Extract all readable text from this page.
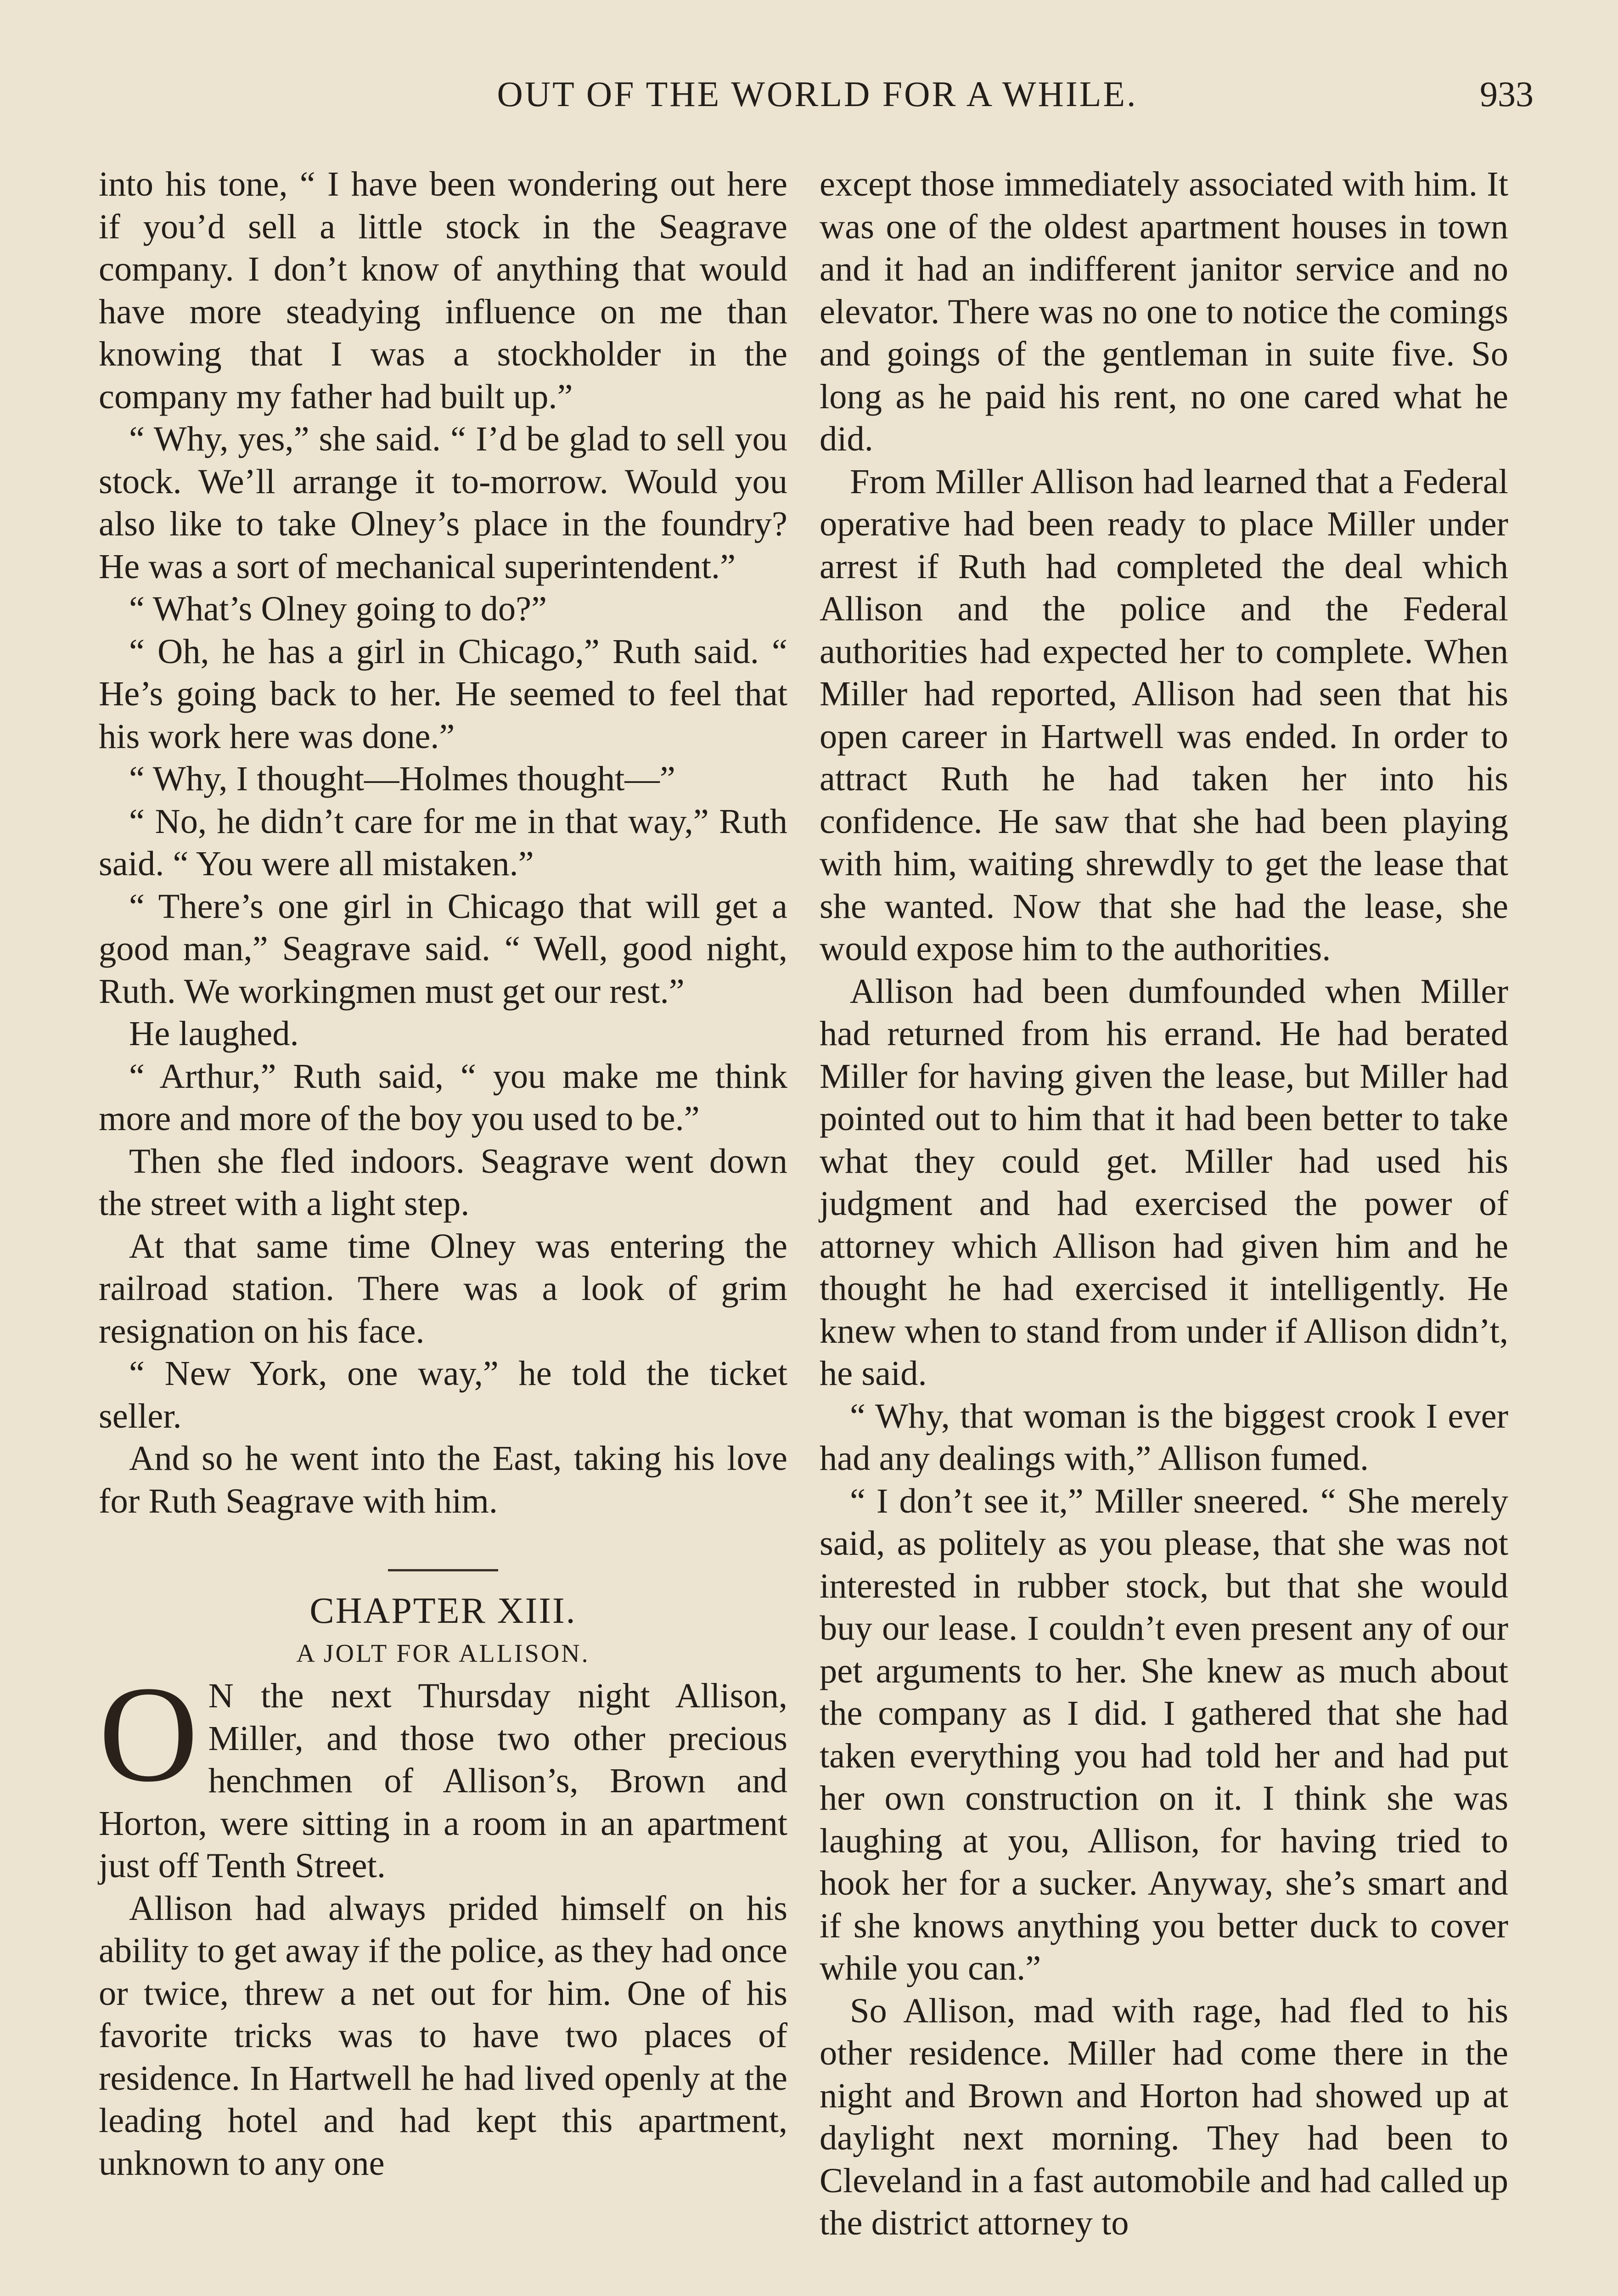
OUT OF THE WORLD FOR A WHILE.	933

into his tone, “ I have been wondering out here if you’d sell a little stock in the Seagrave company. I don’t know of anything that would have more steadying influence on me than knowing that I was a stockholder in the company my father had built up.”

“ Why, yes,” she said. “ I’d be glad to sell you stock. We’ll arrange it to-morrow. Would you also like to take Olney’s place in the foundry? He was a sort of mechanical superintendent.”

“ What’s Olney going to do?”

“ Oh, he has a girl in Chicago,” Ruth said. “ He’s going back to her. He seemed to feel that his work here was done.”

“ Why, I thought—Holmes thought—”

“ No, he didn’t care for me in that way,” Ruth said. “ You were all mistaken.”

“ There’s one girl in Chicago that will get a good man,” Seagrave said. “ Well, good night, Ruth. We workingmen must get our rest.”

He laughed.

“ Arthur,” Ruth said, “ you make me think more and more of the boy you used to be.”

Then she fled indoors. Seagrave went down the street with a light step.

At that same time Olney was entering the railroad station. There was a look of grim resignation on his face.

“ New York, one way,” he told the ticket seller.

And so he went into the East, taking his love for Ruth Seagrave with him.

CHAPTER XIII.

A JOLT FOR ALLISON.

O N the next Thursday night Allison, Miller, and those two other precious henchmen of Allison’s, Brown and Horton, were sitting in a room in an apartment just off Tenth Street.

Allison had always prided himself on his ability to get away if the police, as they had once or twice, threw a net out for him. One of his favorite tricks was to have two places of residence. In Hartwell he had lived openly at the leading hotel and had kept this apartment, unknown to any one

except those immediately associated with him. It was one of the oldest apartment houses in town and it had an indifferent janitor service and no elevator. There was no one to notice the comings and goings of the gentleman in suite five. So long as he paid his rent, no one cared what he did.

From Miller Allison had learned that a Federal operative had been ready to place Miller under arrest if Ruth had completed the deal which Allison and the police and the Federal authorities had expected her to complete. When Miller had reported, Allison had seen that his open career in Hartwell was ended. In order to attract Ruth he had taken her into his confidence. He saw that she had been playing with him, waiting shrewdly to get the lease that she wanted. Now that she had the lease, she would expose him to the authorities.

Allison had been dumfounded when Miller had returned from his errand. He had berated Miller for having given the lease, but Miller had pointed out to him that it had been better to take what they could get. Miller had used his judgment and had exercised the power of attorney which Allison had given him and he thought he had exercised it intelligently. He knew when to stand from under if Allison didn’t, he said.

“ Why, that woman is the biggest crook I ever had any dealings with,” Allison fumed.

“ I don’t see it,” Miller sneered. “ She merely said, as politely as you please, that she was not interested in rubber stock, but that she would buy our lease. I couldn’t even present any of our pet arguments to her. She knew as much about the company as I did. I gathered that she had taken everything you had told her and had put her own construction on it. I think she was laughing at you, Allison, for having tried to hook her for a sucker. Anyway, she’s smart and if she knows anything you better duck to cover while you can.”

So Allison, mad with rage, had fled to his other residence. Miller had come there in the night and Brown and Horton had showed up at daylight next morning. They had been to Cleveland in a fast automobile and had called up the district attorney to
